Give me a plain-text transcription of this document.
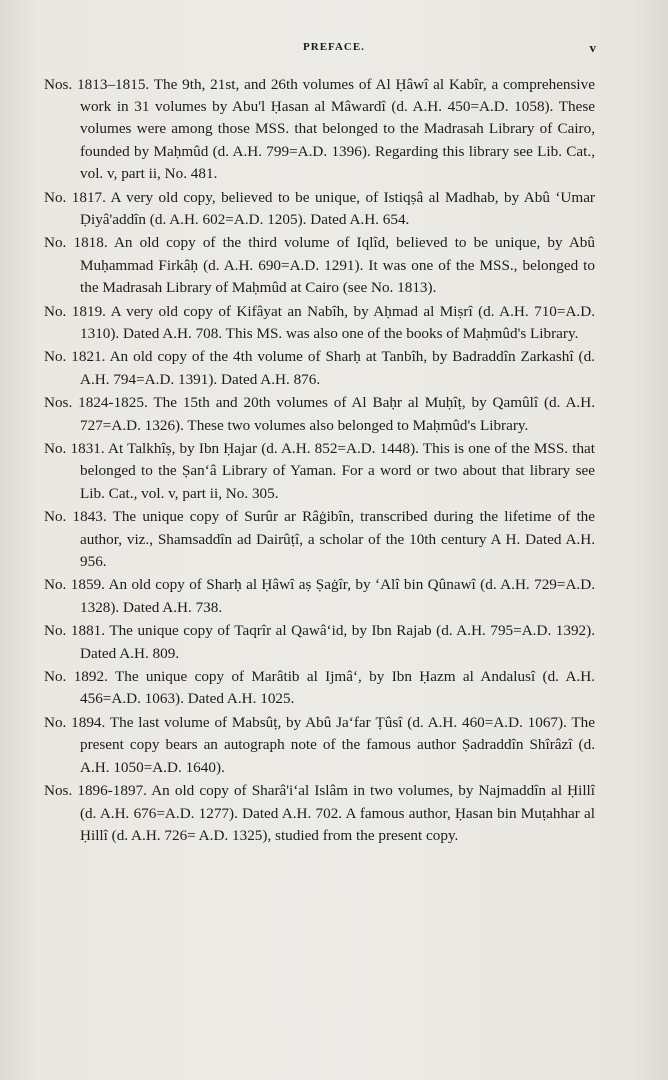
PREFACE.	v

Nos. 1813–1815. The 9th, 21st, and 26th volumes of Al Ḥâwî al Kabîr, a comprehensive work in 31 volumes by Abu'l Ḥasan al Mâwardî (d. A.H. 450=A.D. 1058). These volumes were among those MSS. that belonged to the Madrasah Library of Cairo, founded by Maḥmûd (d. A.H. 799=A.D. 1396). Regarding this library see Lib. Cat., vol. v, part ii, No. 481.

No. 1817. A very old copy, believed to be unique, of Istiqṣâ al Madhab, by Abû ‘Umar Ḍiyâ'addîn (d. A.H. 602=A.D. 1205). Dated A.H. 654.

No. 1818. An old copy of the third volume of Iqlîd, believed to be unique, by Abû Muḥammad Firkâḥ (d. A.H. 690=A.D. 1291). It was one of the MSS., belonged to the Madrasah Library of Maḥmûd at Cairo (see No. 1813).

No. 1819. A very old copy of Kifâyat an Nabîh, by Aḥmad al Miṣrî (d. A.H. 710=A.D. 1310). Dated A.H. 708. This MS. was also one of the books of Maḥmûd's Library.

No. 1821. An old copy of the 4th volume of Sharḥ at Tanbîh, by Badraddîn Zarkashî (d. A.H. 794=A.D. 1391). Dated A.H. 876.

Nos. 1824-1825. The 15th and 20th volumes of Al Baḥr al Muḥîṭ, by Qamûlî (d. A.H. 727=A.D. 1326). These two volumes also belonged to Maḥmûd's Library.

No. 1831. At Talkhîṣ, by Ibn Ḥajar (d. A.H. 852=A.D. 1448). This is one of the MSS. that belonged to the Ṣan‘â Library of Yaman. For a word or two about that library see Lib. Cat., vol. v, part ii, No. 305.

No. 1843. The unique copy of Surûr ar Râġibîn, transcribed during the lifetime of the author, viz., Shamsaddîn ad Dairûṭî, a scholar of the 10th century A H. Dated A.H. 956.

No. 1859. An old copy of Sharḥ al Ḥâwî aṣ Ṣaġîr, by ‘Alî bin Qûnawî (d. A.H. 729=A.D. 1328). Dated A.H. 738.

No. 1881. The unique copy of Taqrîr al Qawâ‘id, by Ibn Rajab (d. A.H. 795=A.D. 1392). Dated A.H. 809.

No. 1892. The unique copy of Marâtib al Ijmâ‘, by Ibn Ḥazm al Andalusî (d. A.H. 456=A.D. 1063). Dated A.H. 1025.

No. 1894. The last volume of Mabsûṭ, by Abû Ja‘far Ṭûsî (d. A.H. 460=A.D. 1067). The present copy bears an autograph note of the famous author Ṣadraddîn Shîrâzî (d. A.H. 1050=A.D. 1640).

Nos. 1896-1897. An old copy of Sharâ'i‘al Islâm in two volumes, by Najmaddîn al Ḥillî (d. A.H. 676=A.D. 1277). Dated A.H. 702. A famous author, Ḥasan bin Muṭahhar al Ḥillî (d. A.H. 726= A.D. 1325), studied from the present copy.
